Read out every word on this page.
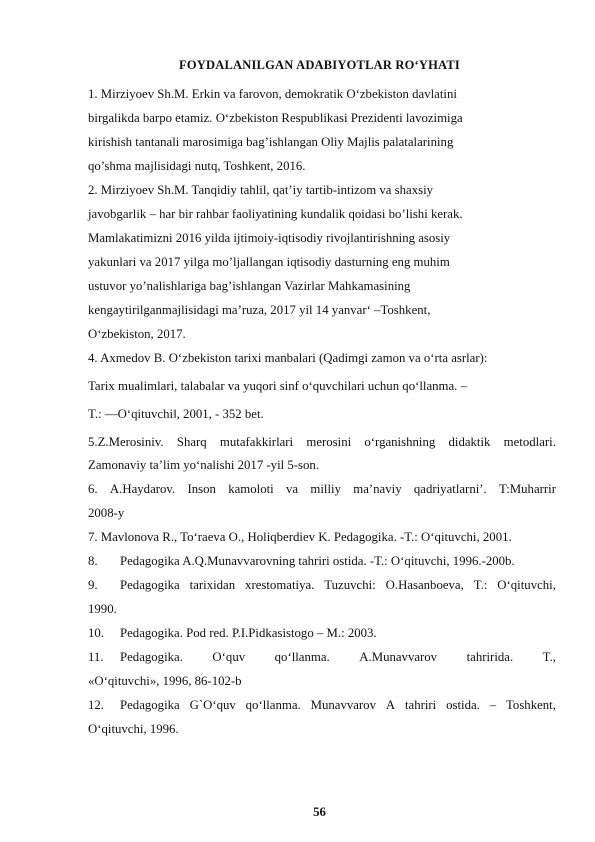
FOYDALANILGAN ADABIYOTLAR RO‘YHATI
1. Mirziyoev Sh.M. Erkin va farovon, demokratik O‘zbekiston davlatini
birgalikda barpo etamiz. O‘zbekiston Respublikasi Prezidenti lavozimiga
kirishish tantanali marosimiga bag’ishlangan Oliy Majlis palatalarining
qo’shma majlisidagi nutq, Toshkent, 2016.
2. Mirziyoev Sh.M. Tanqidiy tahlil, qat’iy tartib-intizom va shaxsiy
javobgarlik – har bir rahbar faoliyatining kundalik qoidasi bo’lishi kerak.
Mamlakatimizni 2016 yilda ijtimoiy-iqtisodiy rivojlantirishning asosiy
yakunlari va 2017 yilga mo’ljallangan iqtisodiy dasturning eng muhim
ustuvor yo’nalishlariga bag’ishlangan Vazirlar Mahkamasining
kengaytirilganmajlisidagi ma’ruza, 2017 yil 14 yanvar‘ –Toshkent,
O‘zbekiston, 2017.
4. Axmedov B. O‘zbekiston tarixi manbalari (Qadimgi zamon va o‘rta asrlar):
Tarix mualimlari, talabalar va yuqori sinf o‘quvchilari uchun qo‘llanma. –
T.: ―O‘qituvchi‖, 2001, - 352 bet.
5.Z.Merosiniv. Sharq mutafakkirlari merosini o‘rganishning didaktik metodlari.
Zamonaviy ta’lim yo‘nalishi 2017 -yil 5-son.
6. A.Haydarov. Inson kamoloti va milliy ma’naviy qadriyatlarni’. T:Muharrir
2008-y
7. Mavlonova R., To‘raeva O., Holiqberdiev K. Pedagogika. -T.: O‘qituvchi, 2001.
8. Pedagogika A.Q.Munavvarovning tahriri ostida. -T.: O‘qituvchi, 1996.-200b.
9. Pedagogika tarixidan xrestomatiya. Tuzuvchi: O.Hasanboeva, T.: O‘qituvchi,
1990.
10. Pedagogika. Pod red. P.I.Pidkasistogo – M.: 2003.
11. Pedagogika. O‘quv qo‘llanma. A.Munavvarov tahririda. T.,
«O‘qituvchi», 1996, 86-102-b
12. Pedagogika G`O‘quv qo‘llanma. Munavvarov A tahriri ostida. – Toshkent,
O‘qituvchi, 1996.
56
